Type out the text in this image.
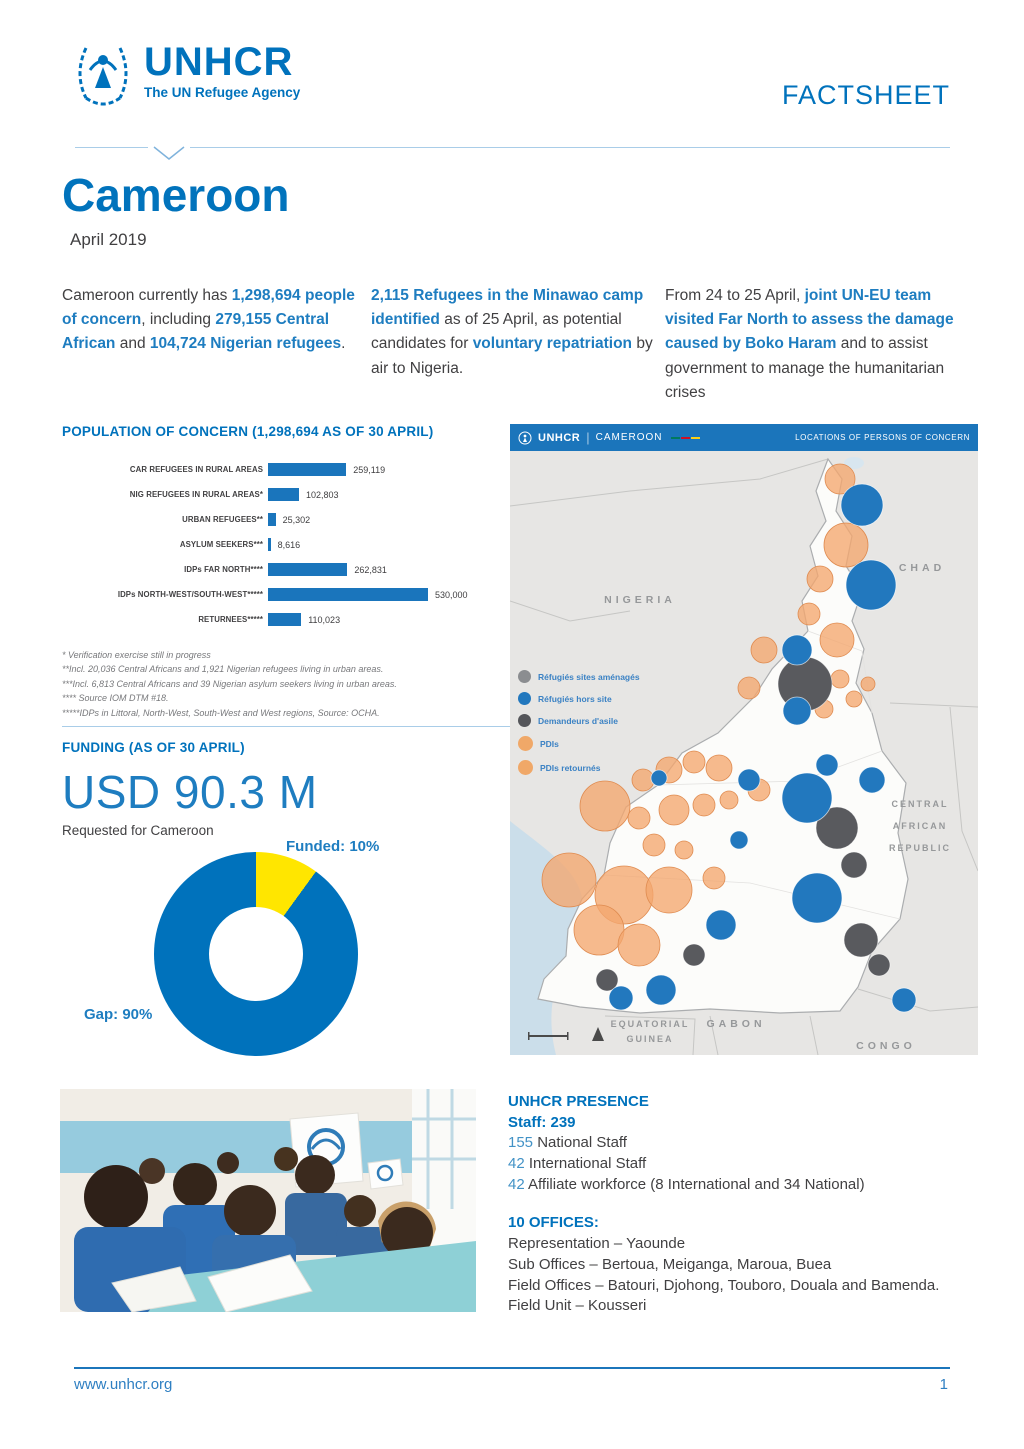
UNHCR
The UN Refugee Agency	FACTSHEET
Cameroon
April 2019
Cameroon currently has 1,298,694 people of concern, including 279,155 Central African and 104,724 Nigerian refugees.
2,115 Refugees in the Minawao camp identified as of 25 April, as potential candidates for voluntary repatriation by air to Nigeria.
From 24 to 25 April, joint UN-EU team visited Far North to assess the damage caused by Boko Haram and to assist government to manage the humanitarian crises
POPULATION OF CONCERN (1,298,694 AS OF 30 APRIL)
CAR REFUGEES IN RURAL AREAS	259,119
NIG REFUGEES IN RURAL AREAS*	102,803
URBAN REFUGEES**	25,302
ASYLUM SEEKERS***	8,616
IDPs FAR NORTH****	262,831
IDPs NORTH-WEST/SOUTH-WEST*****	530,000
RETURNEES*****	110,023
* Verification exercise still in progress
**Incl. 20,036 Central Africans and 1,921 Nigerian refugees living in urban areas.
***Incl. 6,813 Central Africans and 39 Nigerian asylum seekers living in urban areas.
**** Source IOM DTM #18.
*****IDPs in Littoral, North-West, South-West and West regions, Source: OCHA.
FUNDING (AS OF 30 APRIL)
USD 90.3 M
Requested for Cameroon
Funded: 10%
Gap: 90%
UNHCR | CAMEROON	LOCATIONS OF PERSONS OF CONCERN
NIGERIA
CHAD
CENTRAL
AFRICAN
REPUBLIC
EQUATORIAL
GUINEA
GABON
CONGO
Réfugiés sites aménagés
Réfugiés hors site
Demandeurs d'asile
PDIs
PDIs retournés
UNHCR PRESENCE
Staff: 239
155 National Staff
42 International Staff
42 Affiliate workforce (8 International and 34 National)
10 OFFICES:
Representation – Yaounde
Sub Offices – Bertoua, Meiganga, Maroua, Buea
Field Offices – Batouri, Djohong, Touboro, Douala and Bamenda.
Field Unit – Kousseri
www.unhcr.org	1
